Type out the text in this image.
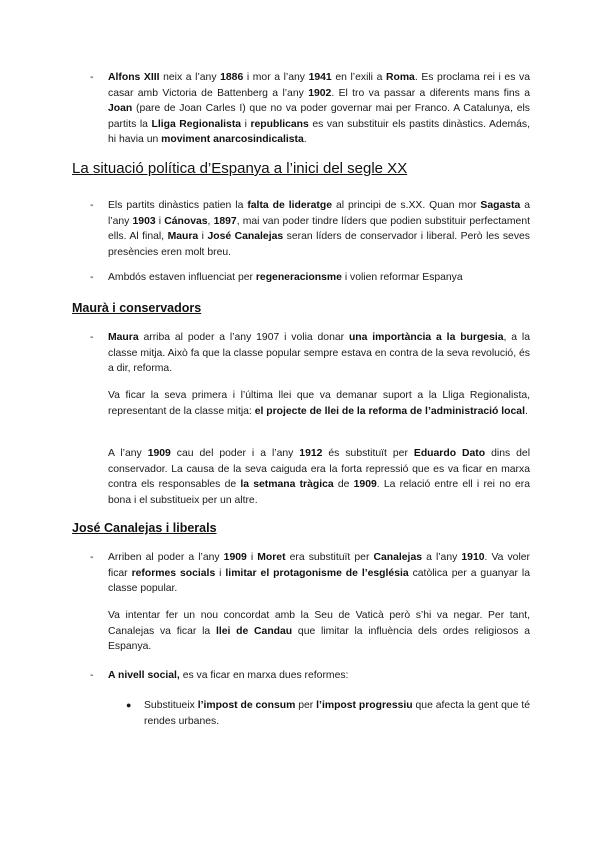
- Alfons XIII neix a l’any 1886 i mor a l’any 1941 en l’exili a Roma. Es proclama rei i es va casar amb Victoria de Battenberg a l’any 1902. El tro va passar a diferents mans fins a Joan (pare de Joan Carles I) que no va poder governar mai per Franco. A Catalunya, els partits la Lliga Regionalista i republicans es van substituir els pastits dinàstics. Además, hi havia un moviment anarcosindicalista.
La situació política d’Espanya a l’inici del segle XX
- Els partits dinàstics patien la falta de lideratge al principi de s.XX. Quan mor Sagasta a l’any 1903 i Cánovas, 1897, mai van poder tindre líders que podien substituir perfectament ells. Al final, Maura i José Canalejas seran líders de conservador i liberal. Però les seves presències eren molt breu.
- Ambdós estaven influenciat per regeneracionsme i volien reformar Espanya
Maurà i conservadors
- Maura arriba al poder a l’any 1907 i volia donar una importància a la burgesia, a la classe mitja. Això fa que la classe popular sempre estava en contra de la seva revolució, és a dir, reforma.
Va ficar la seva primera i l’última llei que va demanar suport a la Lliga Regionalista, representant de la classe mitja: el projecte de llei de la reforma de l’administració local.
A l’any 1909 cau del poder i a l’any 1912 és substituït per Eduardo Dato dins del conservador. La causa de la seva caiguda era la forta repressió que es va ficar en marxa contra els responsables de la setmana tràgica de 1909. La relació entre ell i rei no era bona i el substitueix per un altre.
José Canalejas i liberals
- Arriben al poder a l’any 1909 i Moret era substituït per Canalejas a l’any 1910. Va voler ficar reformes socials i limitar el protagonisme de l’església catòlica per a guanyar la classe popular.
Va intentar fer un nou concordat amb la Seu de Vaticà però s’hi va negar. Per tant, Canalejas va ficar la llei de Candau que limitar la influència dels ordes religiosos a Espanya.
- A nivell social, es va ficar en marxa dues reformes:
● Substitueix l’impost de consum per l’impost progressiu que afecta la gent que té rendes urbanes.
